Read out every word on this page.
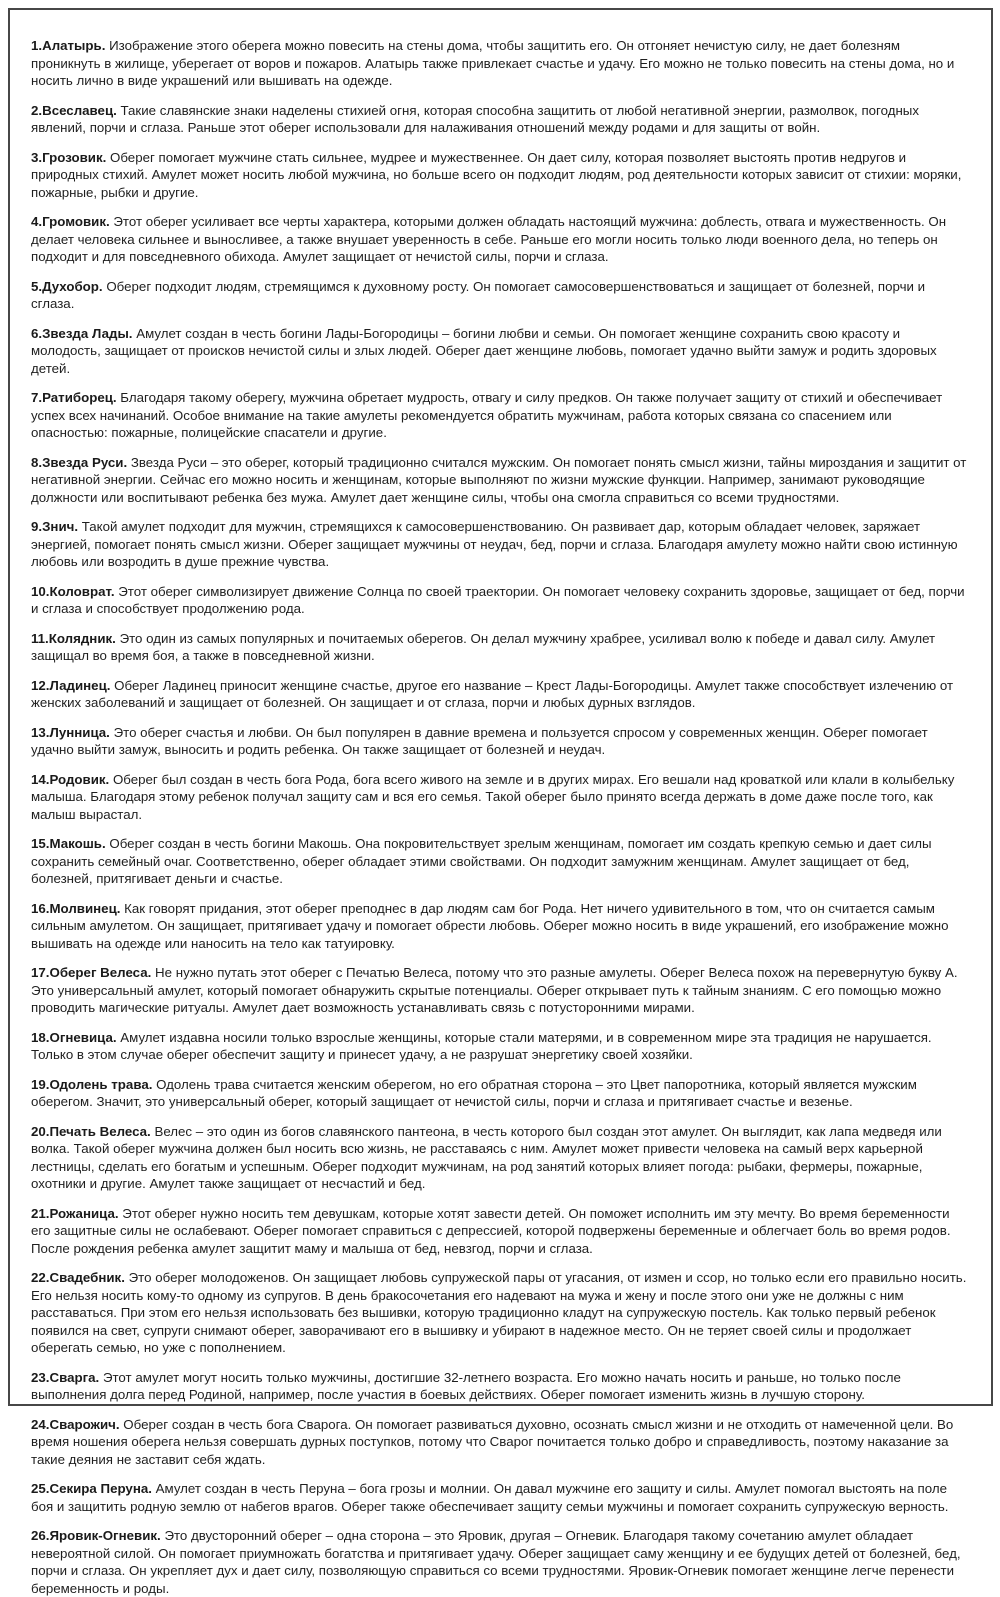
1.Алатырь. Изображение этого оберега можно повесить на стены дома, чтобы защитить его. Он отгоняет нечистую силу, не дает болезням проникнуть в жилище, уберегает от воров и пожаров. Алатырь также привлекает счастье и удачу. Его можно не только повесить на стены дома, но и носить лично в виде украшений или вышивать на одежде.

2.Всеславец. Такие славянские знаки наделены стихией огня, которая способна защитить от любой негативной энергии, размолвок, погодных явлений, порчи и сглаза. Раньше этот оберег использовали для налаживания отношений между родами и для защиты от войн.

3.Грозовик. Оберег помогает мужчине стать сильнее, мудрее и мужественнее. Он дает силу, которая позволяет выстоять против недругов и природных стихий. Амулет может носить любой мужчина, но больше всего он подходит людям, род деятельности которых зависит от стихии: моряки, пожарные, рыбки и другие.

4.Громовик. Этот оберег усиливает все черты характера, которыми должен обладать настоящий мужчина: доблесть, отвага и мужественность. Он делает человека сильнее и выносливее, а также внушает уверенность в себе. Раньше его могли носить только люди военного дела, но теперь он подходит и для повседневного обихода. Амулет защищает от нечистой силы, порчи и сглаза.

5.Духобор. Оберег подходит людям, стремящимся к духовному росту. Он помогает самосовершенствоваться и защищает от болезней, порчи и сглаза.

6.Звезда Лады. Амулет создан в честь богини Лады-Богородицы – богини любви и семьи. Он помогает женщине сохранить свою красоту и молодость, защищает от происков нечистой силы и злых людей. Оберег дает женщине любовь, помогает удачно выйти замуж и родить здоровых детей.

7.Ратиборец. Благодаря такому оберегу, мужчина обретает мудрость, отвагу и силу предков. Он также получает защиту от стихий и обеспечивает успех всех начинаний. Особое внимание на такие амулеты рекомендуется обратить мужчинам, работа которых связана со спасением или опасностью: пожарные, полицейские спасатели и другие.

8.Звезда Руси. Звезда Руси – это оберег, который традиционно считался мужским. Он помогает понять смысл жизни, тайны мироздания и защитит от негативной энергии. Сейчас его можно носить и женщинам, которые выполняют по жизни мужские функции. Например, занимают руководящие должности или воспитывают ребенка без мужа. Амулет дает женщине силы, чтобы она смогла справиться со всеми трудностями.

9.Знич. Такой амулет подходит для мужчин, стремящихся к самосовершенствованию. Он развивает дар, которым обладает человек, заряжает энергией, помогает понять смысл жизни. Оберег защищает мужчины от неудач, бед, порчи и сглаза. Благодаря амулету можно найти свою истинную любовь или возродить в душе прежние чувства.

10.Коловрат. Этот оберег символизирует движение Солнца по своей траектории. Он помогает человеку сохранить здоровье, защищает от бед, порчи и сглаза и способствует продолжению рода.

11.Колядник. Это один из самых популярных и почитаемых оберегов. Он делал мужчину храбрее, усиливал волю к победе и давал силу. Амулет защищал во время боя, а также в повседневной жизни.

12.Ладинец. Оберег Ладинец приносит женщине счастье, другое его название – Крест Лады-Богородицы. Амулет также способствует излечению от женских заболеваний и защищает от болезней. Он защищает и от сглаза, порчи и любых дурных взглядов.

13.Лунница. Это оберег счастья и любви. Он был популярен в давние времена и пользуется спросом у современных женщин. Оберег помогает удачно выйти замуж, выносить и родить ребенка. Он также защищает от болезней и неудач.

14.Родовик. Оберег был создан в честь бога Рода, бога всего живого на земле и в других мирах. Его вешали над кроваткой или клали в колыбельку малыша. Благодаря этому ребенок получал защиту сам и вся его семья. Такой оберег было принято всегда держать в доме даже после того, как малыш вырастал.

15.Макошь. Оберег создан в честь богини Макошь. Она покровительствует зрелым женщинам, помогает им создать крепкую семью и дает силы сохранить семейный очаг. Соответственно, оберег обладает этими свойствами. Он подходит замужним женщинам. Амулет защищает от бед, болезней, притягивает деньги и счастье.

16.Молвинец. Как говорят придания, этот оберег преподнес в дар людям сам бог Рода. Нет ничего удивительного в том, что он считается самым сильным амулетом. Он защищает, притягивает удачу и помогает обрести любовь. Оберег можно носить в виде украшений, его изображение можно вышивать на одежде или наносить на тело как татуировку.

17.Оберег Велеса. Не нужно путать этот оберег с Печатью Велеса, потому что это разные амулеты. Оберег Велеса похож на перевернутую букву А. Это универсальный амулет, который помогает обнаружить скрытые потенциалы. Оберег открывает путь к тайным знаниям. С его помощью можно проводить магические ритуалы. Амулет дает возможность устанавливать связь с потусторонними мирами.

18.Огневица. Амулет издавна носили только взрослые женщины, которые стали матерями, и в современном мире эта традиция не нарушается. Только в этом случае оберег обеспечит защиту и принесет удачу, а не разрушат энергетику своей хозяйки.

19.Одолень трава. Одолень трава считается женским оберегом, но его обратная сторона – это Цвет папоротника, который является мужским оберегом. Значит, это универсальный оберег, который защищает от нечистой силы, порчи и сглаза и притягивает счастье и везенье.

20.Печать Велеса. Велес – это один из богов славянского пантеона, в честь которого был создан этот амулет. Он выглядит, как лапа медведя или волка. Такой оберег мужчина должен был носить всю жизнь, не расставаясь с ним. Амулет может привести человека на самый верх карьерной лестницы, сделать его богатым и успешным. Оберег подходит мужчинам, на род занятий которых влияет погода: рыбаки, фермеры, пожарные, охотники и другие. Амулет также защищает от несчастий и бед.

21.Рожаница. Этот оберег нужно носить тем девушкам, которые хотят завести детей. Он поможет исполнить им эту мечту. Во время беременности его защитные силы не ослабевают. Оберег помогает справиться с депрессией, которой подвержены беременные и облегчает боль во время родов. После рождения ребенка амулет защитит маму и малыша от бед, невзгод, порчи и сглаза.

22.Свадебник. Это оберег молодоженов. Он защищает любовь супружеской пары от угасания, от измен и ссор, но только если его правильно носить. Его нельзя носить кому-то одному из супругов. В день бракосочетания его надевают на мужа и жену и после этого они уже не должны с ним расставаться. При этом его нельзя использовать без вышивки, которую традиционно кладут на супружескую постель. Как только первый ребенок появился на свет, супруги снимают оберег, заворачивают его в вышивку и убирают в надежное место. Он не теряет своей силы и продолжает оберегать семью, но уже с пополнением.

23.Сварга. Этот амулет могут носить только мужчины, достигшие 32-летнего возраста. Его можно начать носить и раньше, но только после выполнения долга перед Родиной, например, после участия в боевых действиях. Оберег помогает изменить жизнь в лучшую сторону.

24.Сварожич. Оберег создан в честь бога Сварога. Он помогает развиваться духовно, осознать смысл жизни и не отходить от намеченной цели. Во время ношения оберега нельзя совершать дурных поступков, потому что Сварог почитается только добро и справедливость, поэтому наказание за такие деяния не заставит себя ждать.

25.Секира Перуна. Амулет создан в честь Перуна – бога грозы и молнии. Он давал мужчине его защиту и силы. Амулет помогал выстоять на поле боя и защитить родную землю от набегов врагов. Оберег также обеспечивает защиту семьи мужчины и помогает сохранить супружескую верность.

26.Яровик-Огневик. Это двусторонний оберег – одна сторона – это Яровик, другая – Огневик. Благодаря такому сочетанию амулет обладает невероятной силой. Он помогает приумножать богатства и притягивает удачу. Оберег защищает саму женщину и ее будущих детей от болезней, бед, порчи и сглаза. Он укрепляет дух и дает силу, позволяющую справиться со всеми трудностями. Яровик-Огневик помогает женщине легче перенести беременность и роды.
